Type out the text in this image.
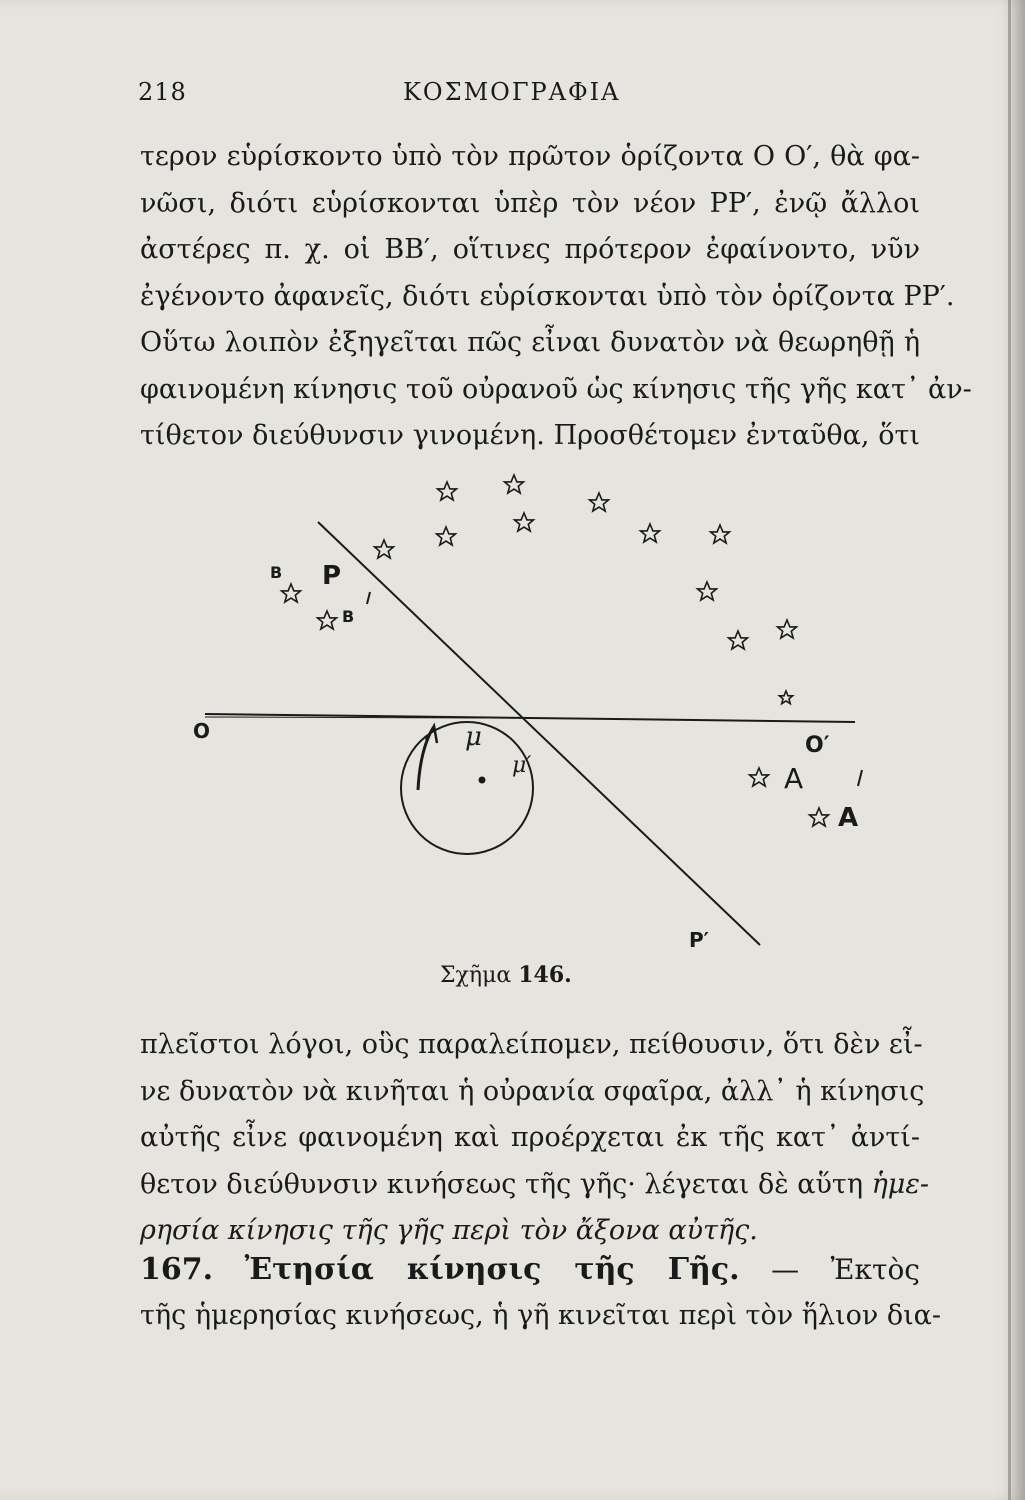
218	ΚΟΣΜΟΓΡΑΦΙΑ
τερον εὑρίσκοντο ὑπὸ τὸν πρῶτον ὁρίζοντα Ο Ο′, θὰ φα-
νῶσι, διότι εὑρίσκονται ὑπὲρ τὸν νέον ΡΡ′, ἐνῷ ἄλλοι
ἀστέρες π. χ. οἱ ΒΒ′, οἵτινες πρότερον ἐφαίνοντο, νῦν
ἐγένοντο ἀφανεῖς, διότι εὑρίσκονται ὑπὸ τὸν ὁρίζοντα ΡΡ′.
Οὕτω λοιπὸν ἐξηγεῖται πῶς εἶναι δυνατὸν νὰ θεωρηθῇ ἡ
φαινομένη κίνησις τοῦ οὐρανοῦ ὡς κίνησις τῆς γῆς κατ᾽ ἀν-
τίθετον διεύθυνσιν γινομένη. Προσθέτομεν ἐνταῦθα, ὅτι
O
O′
P
P′
B
B
A
A
μ
μ′
Σχῆμα 146.
πλεῖστοι λόγοι, οὓς παραλείπομεν, πείθουσιν, ὅτι δὲν εἶ-
νε δυνατὸν νὰ κινῆται ἡ οὐρανία σφαῖρα, ἀλλ᾽ ἡ κίνησις
αὐτῆς εἶνε φαινομένη καὶ προέρχεται ἐκ τῆς κατ᾽ ἀντί-
θετον διεύθυνσιν κινήσεως τῆς γῆς· λέγεται δὲ αὕτη ἡμε-
ρησία κίνησις τῆς γῆς περὶ τὸν ἄξονα αὐτῆς.
167. Ἐτησία κίνησις τῆς Γῆς. — Ἐκτὸς
τῆς ἡμερησίας κινήσεως, ἡ γῆ κινεῖται περὶ τὸν ἥλιον δια-
